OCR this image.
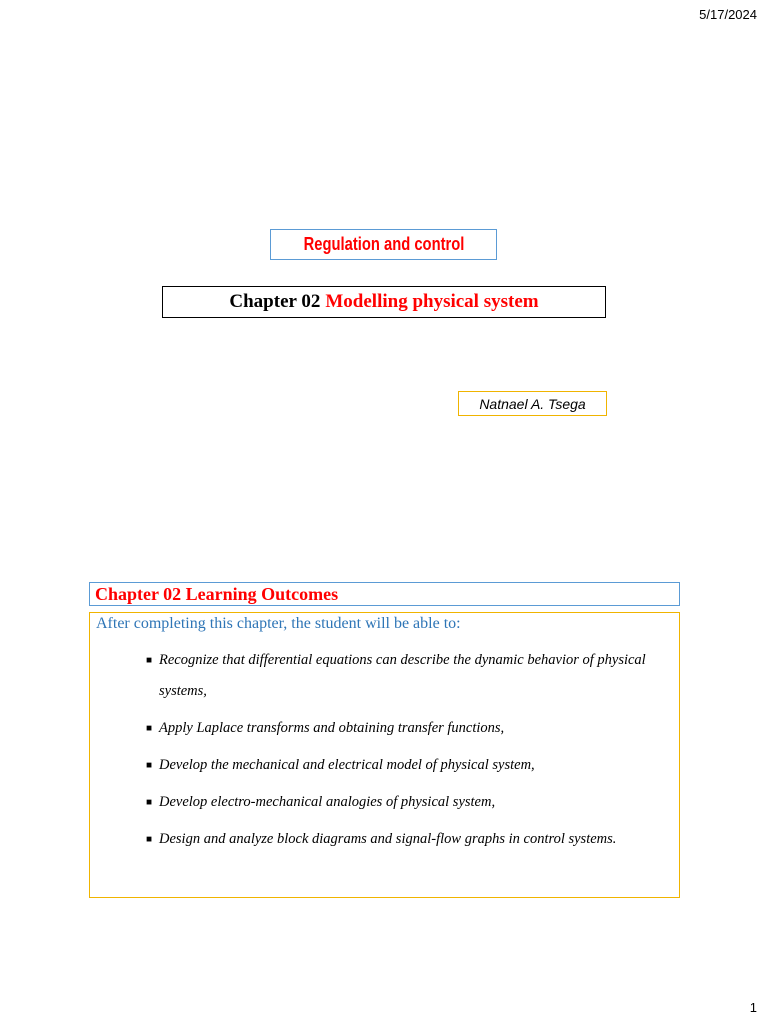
5/17/2024
Regulation and control
Chapter 02 Modelling physical system
Natnael A. Tsega
Chapter 02 Learning Outcomes
After completing this chapter, the student will be able to:
■ Recognize that differential equations can describe the dynamic behavior of physical systems,
■ Apply Laplace transforms and obtaining transfer functions,
■ Develop the mechanical and electrical model of physical system,
■ Develop electro-mechanical analogies of physical system,
■ Design and analyze block diagrams and signal-flow graphs in control systems.
1
